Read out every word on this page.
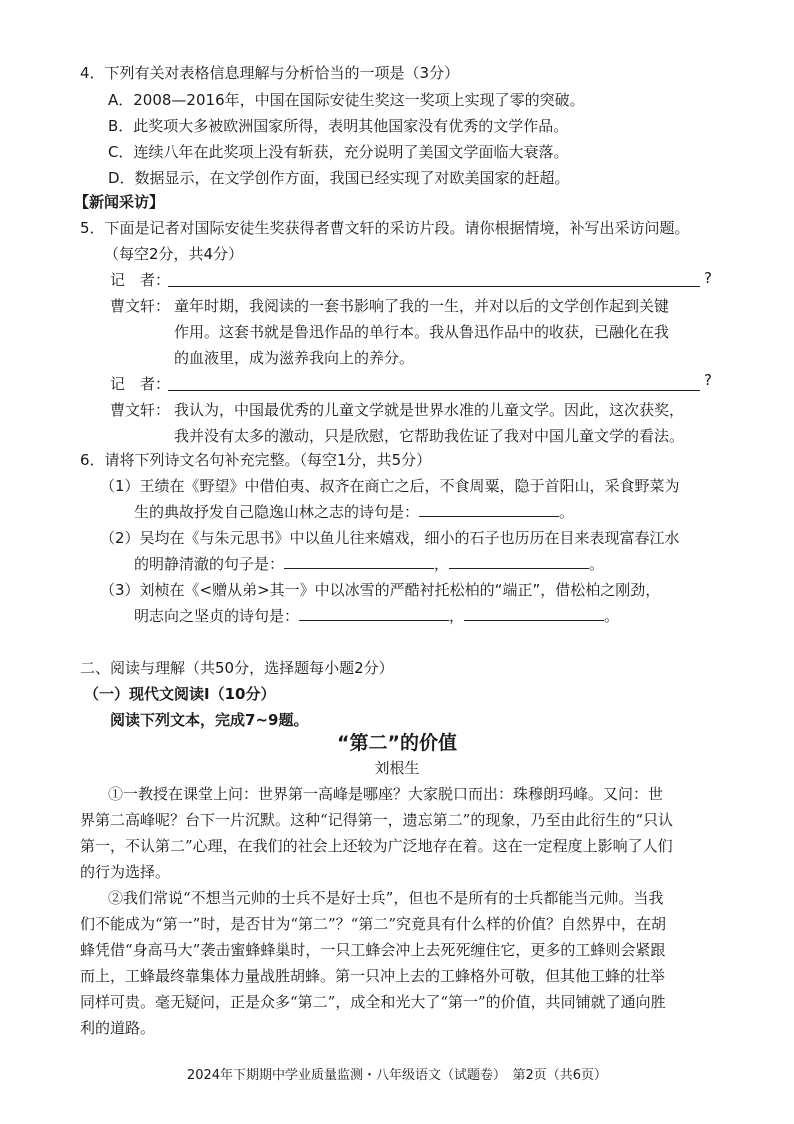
4．下列有关对表格信息理解与分析恰当的一项是（3分）
A．2008—2016年，中国在国际安徒生奖这一奖项上实现了零的突破。
B．此奖项大多被欧洲国家所得，表明其他国家没有优秀的文学作品。
C．连续八年在此奖项上没有斩获，充分说明了美国文学面临大衰落。
D．数据显示，在文学创作方面，我国已经实现了对欧美国家的赶超。
【新闻采访】
5．下面是记者对国际安徒生奖获得者曹文轩的采访片段。请你根据情境，补写出采访问题。
（每空2分，共4分）
记　者：	?
曹文轩： 童年时期，我阅读的一套书影响了我的一生，并对以后的文学创作起到关键
作用。这套书就是鲁迅作品的单行本。我从鲁迅作品中的收获，已融化在我
的血液里，成为滋养我向上的养分。
记　者：	?
曹文轩： 我认为，中国最优秀的儿童文学就是世界水准的儿童文学。因此，这次获奖，
我并没有太多的激动，只是欣慰，它帮助我佐证了我对中国儿童文学的看法。
6．请将下列诗文名句补充完整。（每空1分，共5分）
（1）王绩在《野望》中借伯夷、叔齐在商亡之后，不食周粟，隐于首阳山，采食野菜为
生的典故抒发自己隐逸山林之志的诗句是：	。
（2）吴均在《与朱元思书》中以鱼儿往来嬉戏，细小的石子也历历在目来表现富春江水
的明静清澈的句子是：	，	。
（3）刘桢在《<赠从弟>其一》中以冰雪的严酷衬托松柏的“端正”，借松柏之刚劲，
明志向之坚贞的诗句是：	，	。
二、阅读与理解（共50分，选择题每小题2分）
（一）现代文阅读Ⅰ（10分）
阅读下列文本，完成7~9题。
“第二”的价值
刘根生
①一教授在课堂上问：世界第一高峰是哪座？大家脱口而出：珠穆朗玛峰。又问：世
界第二高峰呢？台下一片沉默。这种“记得第一，遗忘第二”的现象，乃至由此衍生的“只认
第一，不认第二”心理，在我们的社会上还较为广泛地存在着。这在一定程度上影响了人们
的行为选择。
②我们常说“不想当元帅的士兵不是好士兵”，但也不是所有的士兵都能当元帅。当我
们不能成为“第一”时，是否甘为“第二”？“第二”究竟具有什么样的价值？自然界中，在胡
蜂凭借“身高马大”袭击蜜蜂蜂巢时，一只工蜂会冲上去死死缠住它，更多的工蜂则会紧跟
而上，工蜂最终靠集体力量战胜胡蜂。第一只冲上去的工蜂格外可敬，但其他工蜂的壮举
同样可贵。毫无疑问，正是众多“第二”，成全和光大了“第一”的价值，共同铺就了通向胜
利的道路。
2024年下期期中学业质量监测・八年级语文（试题卷）　第2页（共6页）
